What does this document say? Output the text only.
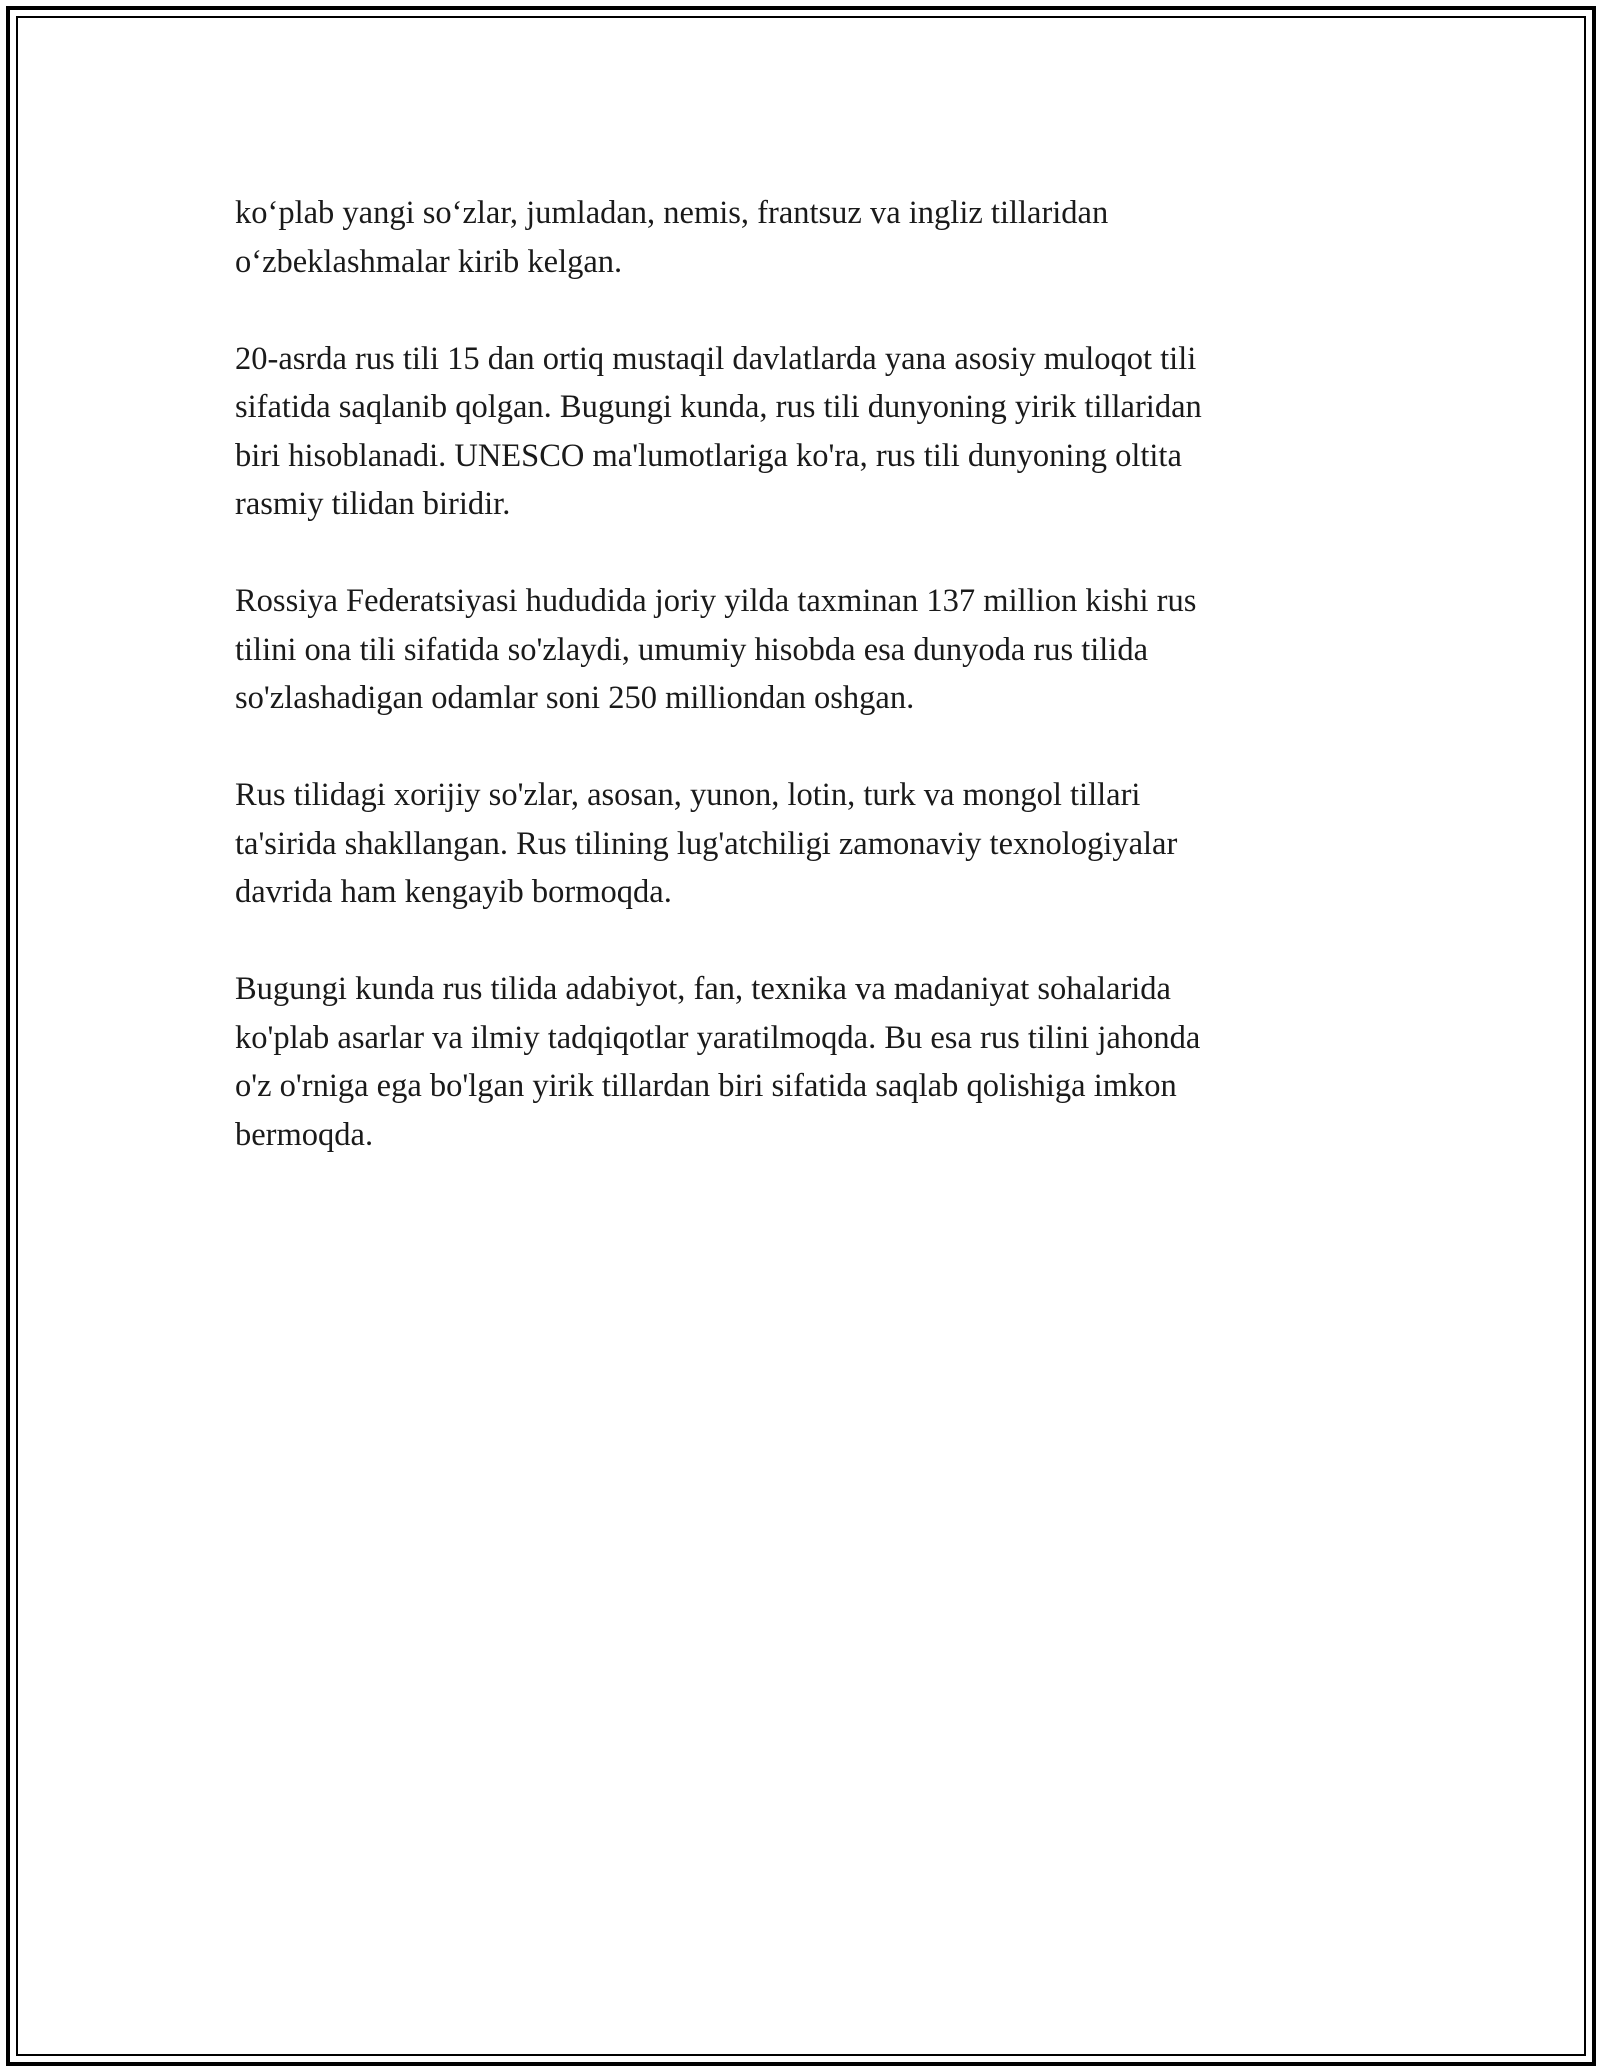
ko‘plab yangi so‘zlar, jumladan, nemis, frantsuz va ingliz tillaridan
o‘zbeklashmalar kirib kelgan.

20-asrda rus tili 15 dan ortiq mustaqil davlatlarda yana asosiy muloqot tili
sifatida saqlanib qolgan. Bugungi kunda, rus tili dunyoning yirik tillaridan
biri hisoblanadi. UNESCO ma'lumotlariga ko'ra, rus tili dunyoning oltita
rasmiy tilidan biridir.

Rossiya Federatsiyasi hududida joriy yilda taxminan 137 million kishi rus
tilini ona tili sifatida so'zlaydi, umumiy hisobda esa dunyoda rus tilida
so'zlashadigan odamlar soni 250 milliondan oshgan.

Rus tilidagi xorijiy so'zlar, asosan, yunon, lotin, turk va mongol tillari
ta'sirida shakllangan. Rus tilining lug'atchiligi zamonaviy texnologiyalar
davrida ham kengayib bormoqda.

Bugungi kunda rus tilida adabiyot, fan, texnika va madaniyat sohalarida
ko'plab asarlar va ilmiy tadqiqotlar yaratilmoqda. Bu esa rus tilini jahonda
o'z o'rniga ega bo'lgan yirik tillardan biri sifatida saqlab qolishiga imkon
bermoqda.
